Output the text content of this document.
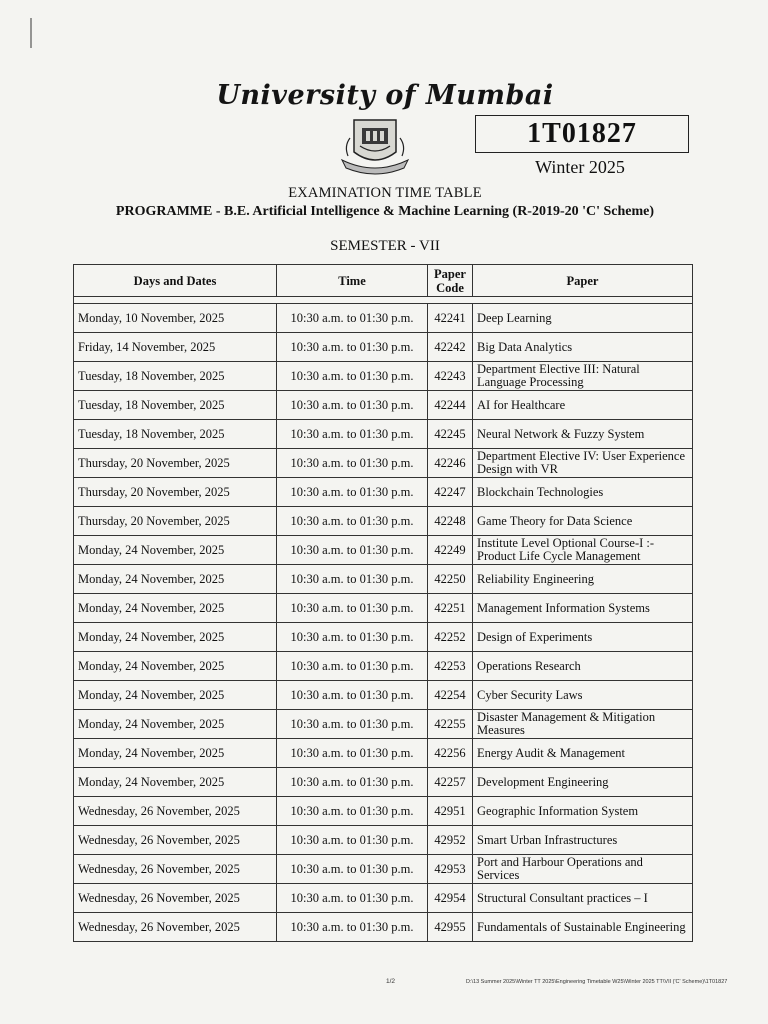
University of Mumbai
1T01827
Winter 2025
EXAMINATION TIME TABLE
PROGRAMME - B.E. Artificial Intelligence & Machine Learning (R-2019-20 'C' Scheme)
SEMESTER - VII
Days and Dates	Time	Paper Code	Paper

Monday, 10 November, 2025	10:30 a.m. to 01:30 p.m.	42241	Deep Learning
Friday, 14 November, 2025	10:30 a.m. to 01:30 p.m.	42242	Big Data Analytics
Tuesday, 18 November, 2025	10:30 a.m. to 01:30 p.m.	42243	Department Elective III: Natural Language Processing
Tuesday, 18 November, 2025	10:30 a.m. to 01:30 p.m.	42244	AI for Healthcare
Tuesday, 18 November, 2025	10:30 a.m. to 01:30 p.m.	42245	Neural Network & Fuzzy System
Thursday, 20 November, 2025	10:30 a.m. to 01:30 p.m.	42246	Department Elective IV: User Experience Design with VR
Thursday, 20 November, 2025	10:30 a.m. to 01:30 p.m.	42247	Blockchain Technologies
Thursday, 20 November, 2025	10:30 a.m. to 01:30 p.m.	42248	Game Theory for Data Science
Monday, 24 November, 2025	10:30 a.m. to 01:30 p.m.	42249	Institute Level Optional Course-I :- Product Life Cycle Management
Monday, 24 November, 2025	10:30 a.m. to 01:30 p.m.	42250	Reliability Engineering
Monday, 24 November, 2025	10:30 a.m. to 01:30 p.m.	42251	Management Information Systems
Monday, 24 November, 2025	10:30 a.m. to 01:30 p.m.	42252	Design of Experiments
Monday, 24 November, 2025	10:30 a.m. to 01:30 p.m.	42253	Operations Research
Monday, 24 November, 2025	10:30 a.m. to 01:30 p.m.	42254	Cyber Security Laws
Monday, 24 November, 2025	10:30 a.m. to 01:30 p.m.	42255	Disaster Management & Mitigation Measures
Monday, 24 November, 2025	10:30 a.m. to 01:30 p.m.	42256	Energy Audit & Management
Monday, 24 November, 2025	10:30 a.m. to 01:30 p.m.	42257	Development Engineering
Wednesday, 26 November, 2025	10:30 a.m. to 01:30 p.m.	42951	Geographic Information System
Wednesday, 26 November, 2025	10:30 a.m. to 01:30 p.m.	42952	Smart Urban Infrastructures
Wednesday, 26 November, 2025	10:30 a.m. to 01:30 p.m.	42953	Port and Harbour Operations and Services
Wednesday, 26 November, 2025	10:30 a.m. to 01:30 p.m.	42954	Structural Consultant practices – I
Wednesday, 26 November, 2025	10:30 a.m. to 01:30 p.m.	42955	Fundamentals of Sustainable Engineering
1/2	D:\13 Summer 2025\Winter TT 2025\Engineering Timetable W25\Winter 2025 TT\VII ('C' Scheme)\1T01827
